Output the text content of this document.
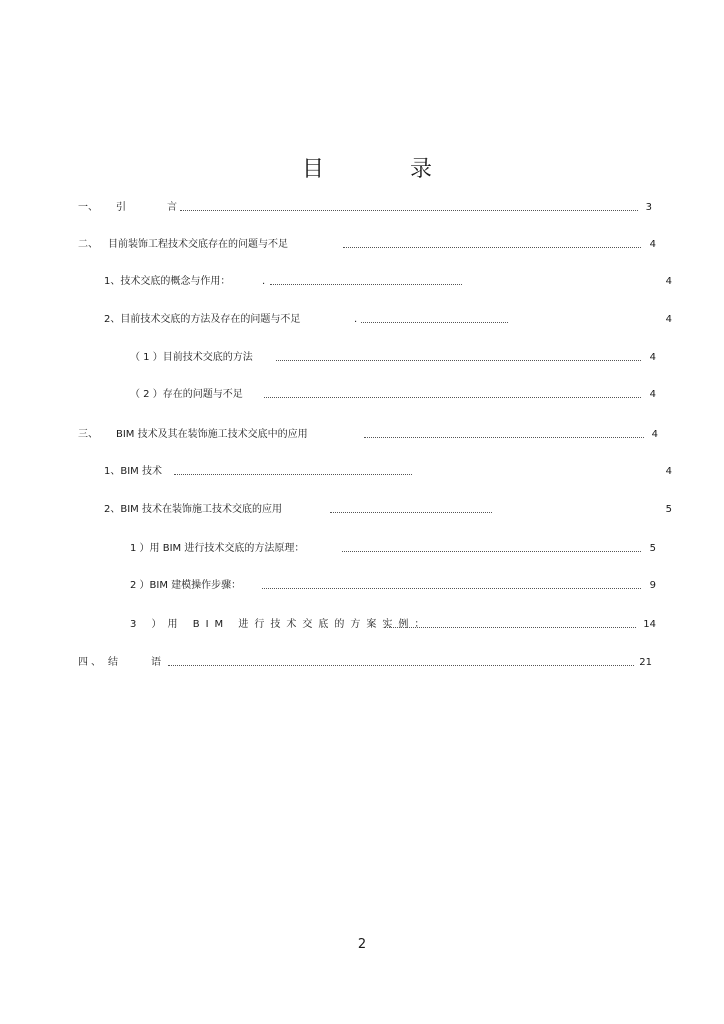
目	录
一、 引	言	3
二、 目前装饰工程技术交底存在的问题与不足	4
1、技术交底的概念与作用：	.	4
2、目前技术交底的方法及存在的问题与不足	.	4
（ 1 ）目前技术交底的方法	4
（ 2 ）存在的问题与不足	4
三、 BIM 技术及其在装饰施工技术交底中的应用	4
1、BIM 技术	4
2、BIM 技术在装饰施工技术交底的应用	5
1 ）用 BIM 进行技术交底的方法原理：	5
2 ）BIM 建模操作步骤：	9
3 ）用 BIM 进行技术交底的方案实例：	14
四、 结	语	21
2
